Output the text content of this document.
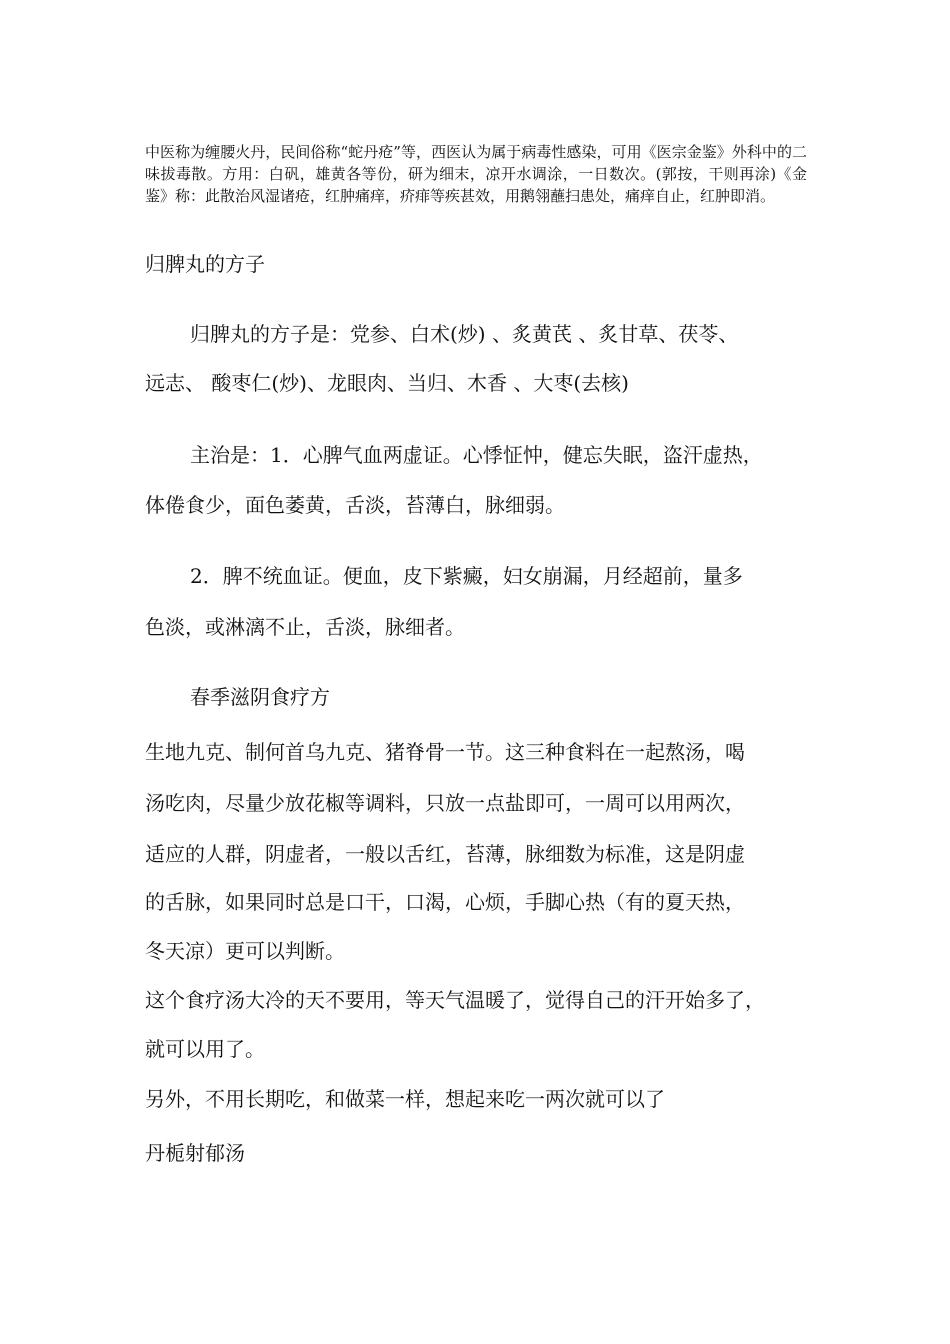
中医称为缠腰火丹，民间俗称“蛇丹疮”等，西医认为属于病毒性感染，可用《医宗金鉴》外科中的二味拔毒散。方用：白矾，雄黄各等份，研为细末，凉开水调涂，一日数次。(郭按，干则再涂)《金鉴》称：此散治风湿诸疮，红肿痛痒，疥痱等疾甚效，用鹅翎蘸扫患处，痛痒自止，红肿即消。

归脾丸的方子

归脾丸的方子是：党参、白术(炒) 、炙黄芪 、炙甘草、茯苓、

远志、 酸枣仁(炒)、龙眼肉、当归、木香 、大枣(去核)

主治是：1．心脾气血两虚证。心悸怔忡，健忘失眠，盗汗虚热，

体倦食少，面色萎黄，舌淡，苔薄白，脉细弱。

2．脾不统血证。便血，皮下紫癜，妇女崩漏，月经超前，量多

色淡，或淋漓不止，舌淡，脉细者。

春季滋阴食疗方

生地九克、制何首乌九克、猪脊骨一节。这三种食料在一起熬汤，喝

汤吃肉，尽量少放花椒等调料，只放一点盐即可，一周可以用两次，

适应的人群，阴虚者，一般以舌红，苔薄，脉细数为标准，这是阴虚

的舌脉，如果同时总是口干，口渴，心烦，手脚心热（有的夏天热，

冬天凉）更可以判断。

这个食疗汤大冷的天不要用，等天气温暖了，觉得自己的汗开始多了，

就可以用了。

另外，不用长期吃，和做菜一样，想起来吃一两次就可以了

丹栀射郁汤
